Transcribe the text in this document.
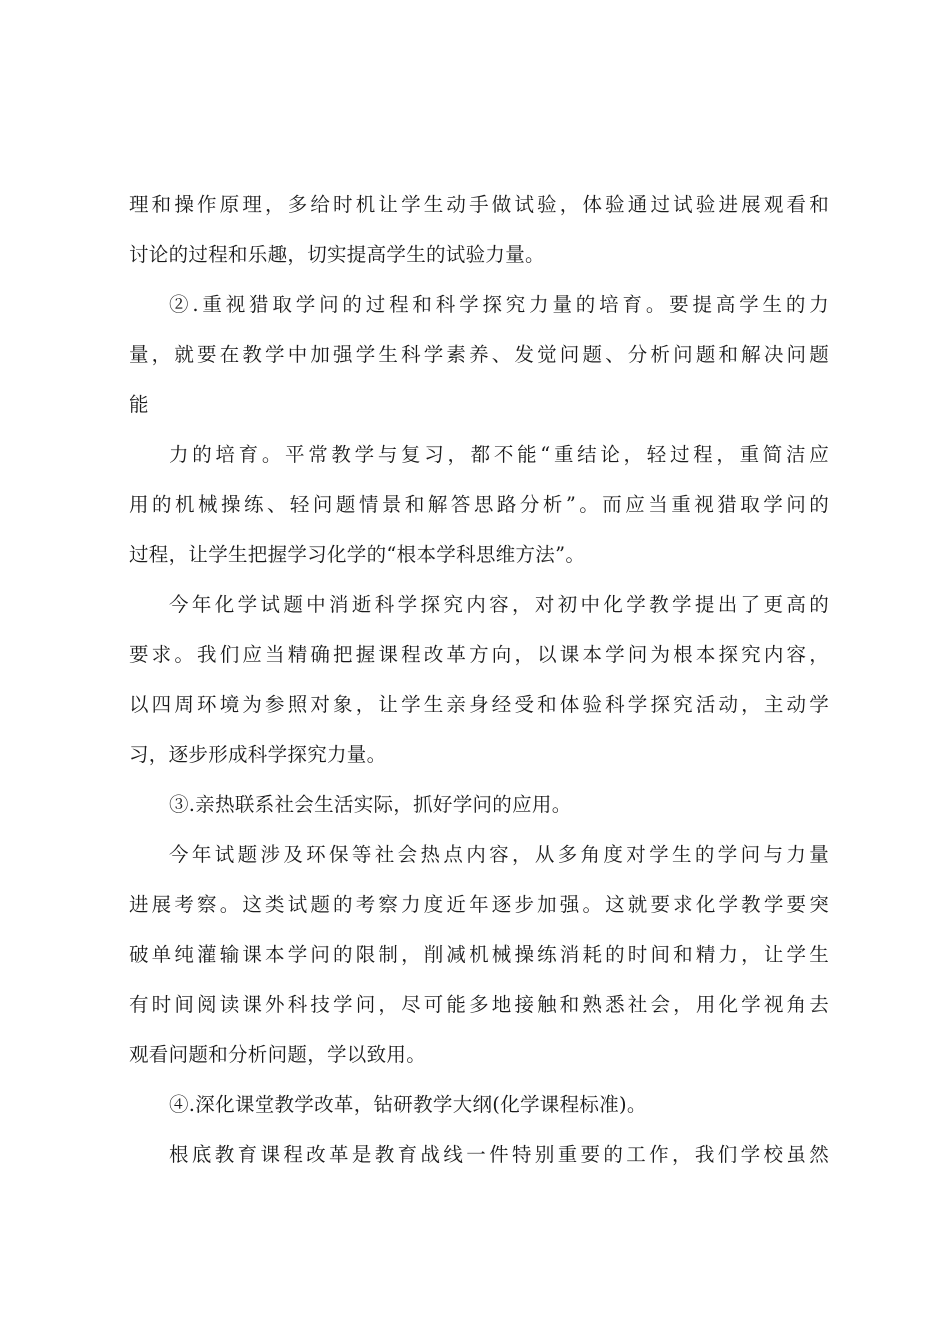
理和操作原理，多给时机让学生动手做试验，体验通过试验进展观看和
讨论的过程和乐趣，切实提高学生的试验力量。
②.重视猎取学问的过程和科学探究力量的培育。要提高学生的力
量，就要在教学中加强学生科学素养、发觉问题、分析问题和解决问题
能
力的培育。平常教学与复习，都不能“重结论，轻过程，重简洁应
用的机械操练、轻问题情景和解答思路分析”。而应当重视猎取学问的
过程，让学生把握学习化学的“根本学科思维方法”。
今年化学试题中消逝科学探究内容，对初中化学教学提出了更高的
要求。我们应当精确把握课程改革方向，以课本学问为根本探究内容，
以四周环境为参照对象，让学生亲身经受和体验科学探究活动，主动学
习，逐步形成科学探究力量。
③.亲热联系社会生活实际，抓好学问的应用。
今年试题涉及环保等社会热点内容，从多角度对学生的学问与力量
进展考察。这类试题的考察力度近年逐步加强。这就要求化学教学要突
破单纯灌输课本学问的限制，削减机械操练消耗的时间和精力，让学生
有时间阅读课外科技学问，尽可能多地接触和熟悉社会，用化学视角去
观看问题和分析问题，学以致用。
④.深化课堂教学改革，钻研教学大纲(化学课程标准)。
根底教育课程改革是教育战线一件特别重要的工作，我们学校虽然
